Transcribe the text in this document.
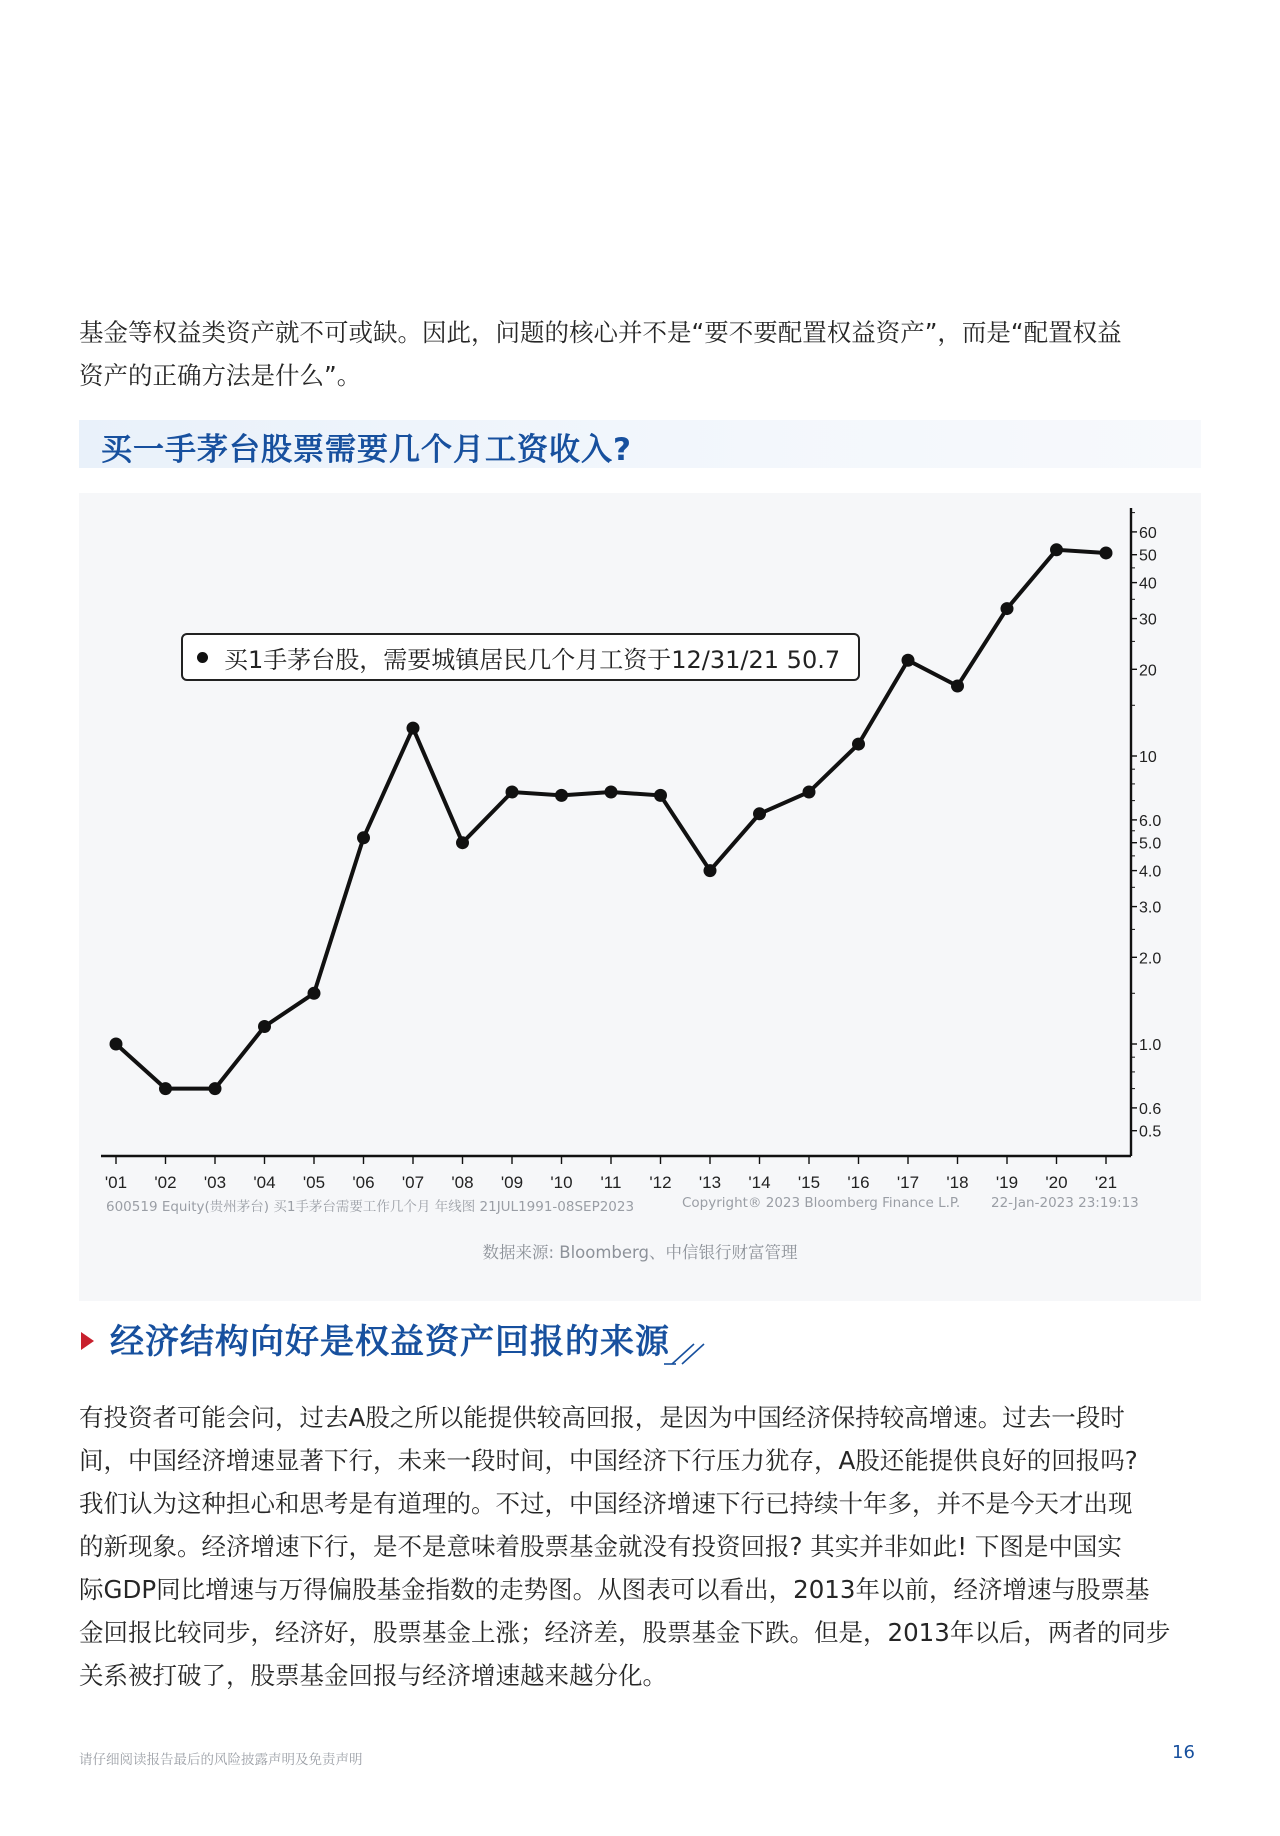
基金等权益类资产就不可或缺。因此，问题的核心并不是“要不要配置权益资产”，而是“配置权益
资产的正确方法是什么”。

买一手茅台股票需要几个月工资收入?
60
50
40
30
20
10
6.0
5.0
4.0
3.0
2.0
1.0
0.6
0.5
'01 '02 '03 '04 '05 '06 '07 '08 '09 '10 '11 '12 '13 '14 '15 '16 '17 '18 '19 '20 '21
买1手茅台股，需要城镇居民几个月工资于12/31/21 50.7
600519 Equity(贵州茅台) 买1手茅台需要工作几个月 年线图 21JUL1991-08SEP2023	Copyright® 2023 Bloomberg Finance L.P. 22-Jan-2023 23:19:13
数据来源: Bloomberg、中信银行财富管理
经济结构向好是权益资产回报的来源

有投资者可能会问，过去A股之所以能提供较高回报，是因为中国经济保持较高增速。过去一段时
间，中国经济增速显著下行，未来一段时间，中国经济下行压力犹存，A股还能提供良好的回报吗?
我们认为这种担心和思考是有道理的。不过，中国经济增速下行已持续十年多，并不是今天才出现
的新现象。经济增速下行，是不是意味着股票基金就没有投资回报? 其实并非如此! 下图是中国实
际GDP同比增速与万得偏股基金指数的走势图。从图表可以看出，2013年以前，经济增速与股票基
金回报比较同步，经济好，股票基金上涨；经济差，股票基金下跌。但是，2013年以后，两者的同步
关系被打破了，股票基金回报与经济增速越来越分化。

请仔细阅读报告最后的风险披露声明及免责声明	16
